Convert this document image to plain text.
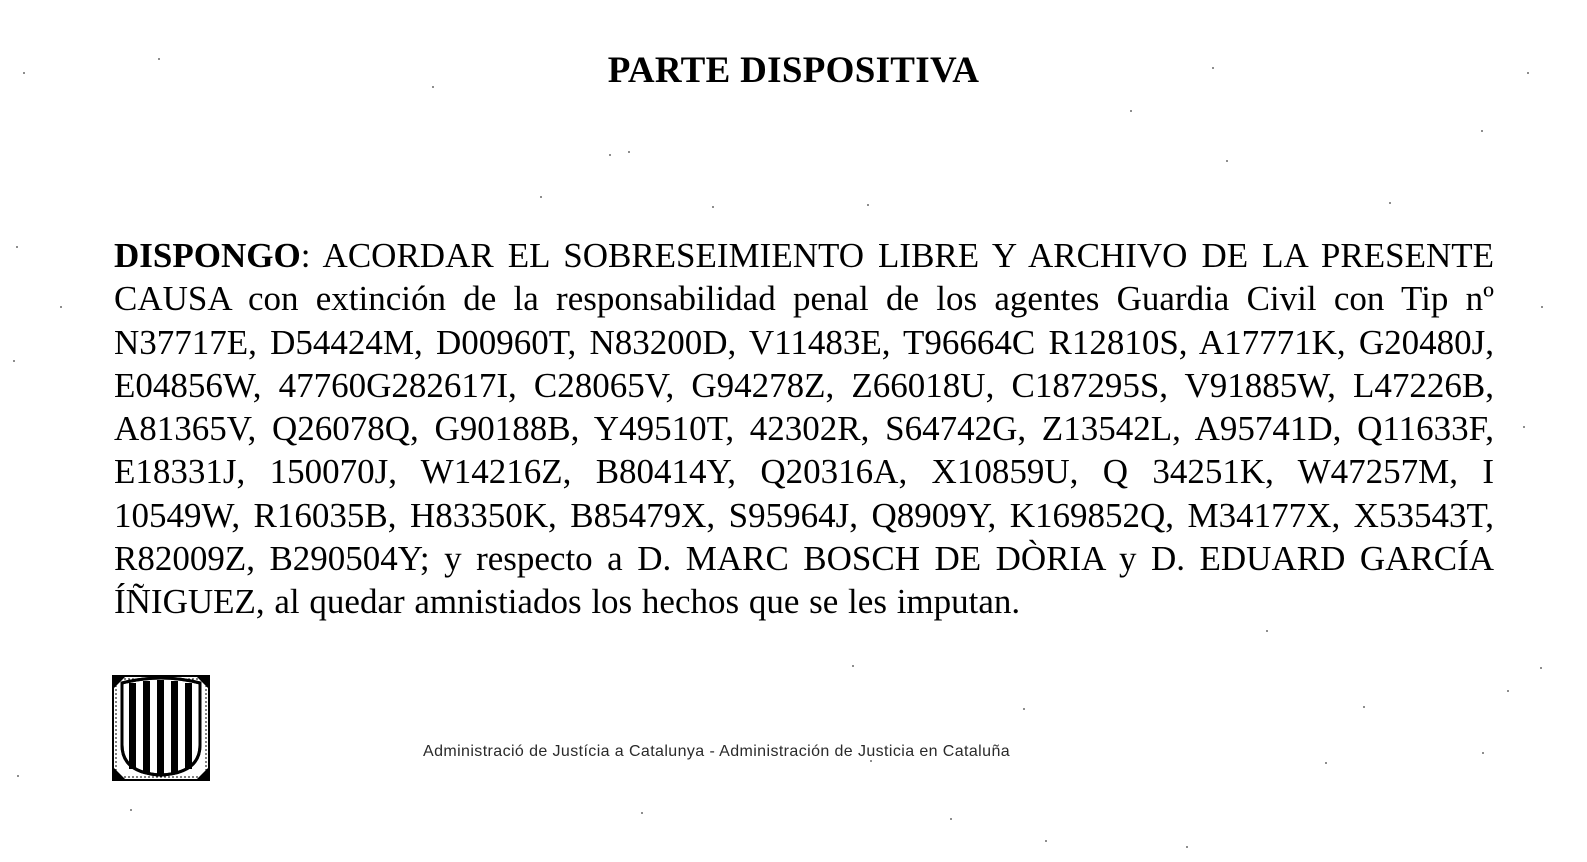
PARTE DISPOSITIVA
DISPONGO: ACORDAR EL SOBRESEIMIENTO LIBRE Y ARCHIVO DE LA PRESENTE CAUSA con extinción de la responsabilidad penal de los agentes Guardia Civil con Tip nº N37717E, D54424M, D00960T, N83200D, V11483E, T96664C R12810S, A17771K, G20480J, E04856W, 47760G282617I, C28065V, G94278Z, Z66018U, C187295S, V91885W, L47226B, A81365V, Q26078Q, G90188B, Y49510T, 42302R, S64742G, Z13542L, A95741D, Q11633F, E18331J, 150070J, W14216Z, B80414Y, Q20316A, X10859U, Q 34251K, W47257M, I 10549W, R16035B, H83350K, B85479X, S95964J, Q8909Y, K169852Q, M34177X, X53543T, R82009Z, B290504Y; y respecto a D. MARC BOSCH DE DÒRIA y D. EDUARD GARCÍA ÍÑIGUEZ, al quedar amnistiados los hechos que se les imputan.
Administració de Justícia a Catalunya - Administración de Justicia en Cataluña
